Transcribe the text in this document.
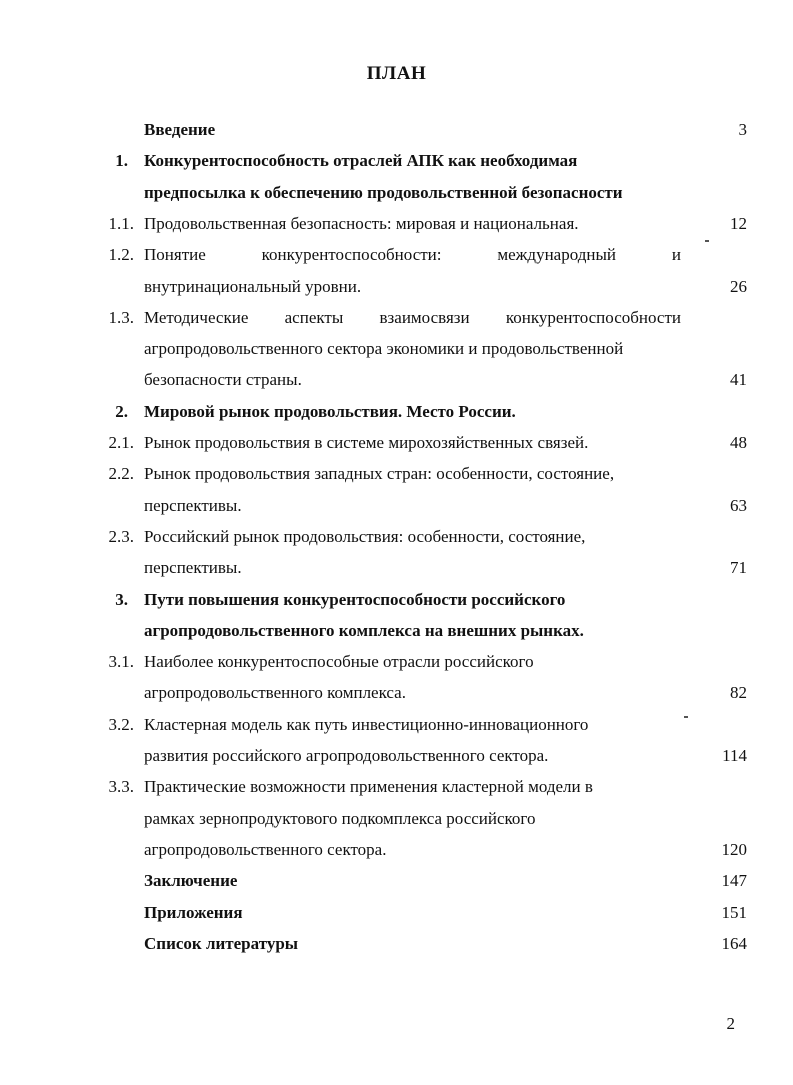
ПЛАН
Введение	3
1. Конкурентоспособность отраслей АПК как необходимая
предпосылка к обеспечению продовольственной безопасности
1.1. Продовольственная безопасность: мировая и национальная.	12
1.2. Понятие	конкурентоспособности:	международный	и
внутринациональный уровни.	26
1.3. Методические аспекты взаимосвязи конкурентоспособности
агропродовольственного сектора экономики и продовольственной
безопасности страны.	41
2. Мировой рынок продовольствия. Место России.
2.1. Рынок продовольствия в системе мирохозяйственных связей.	48
2.2. Рынок продовольствия западных стран: особенности, состояние,
перспективы.	63
2.3. Российский рынок продовольствия: особенности, состояние,
перспективы.	71
3. Пути повышения конкурентоспособности российского
агропродовольственного комплекса на внешних рынках.
3.1. Наиболее конкурентоспособные отрасли российского
агропродовольственного комплекса.	82
3.2. Кластерная модель как путь инвестиционно-инновационного
развития российского агропродовольственного сектора.	114
3.3. Практические возможности применения кластерной модели в
рамках зернопродуктового подкомплекса российского
агропродовольственного сектора.	120
Заключение	147
Приложения	151
Список литературы	164
2
